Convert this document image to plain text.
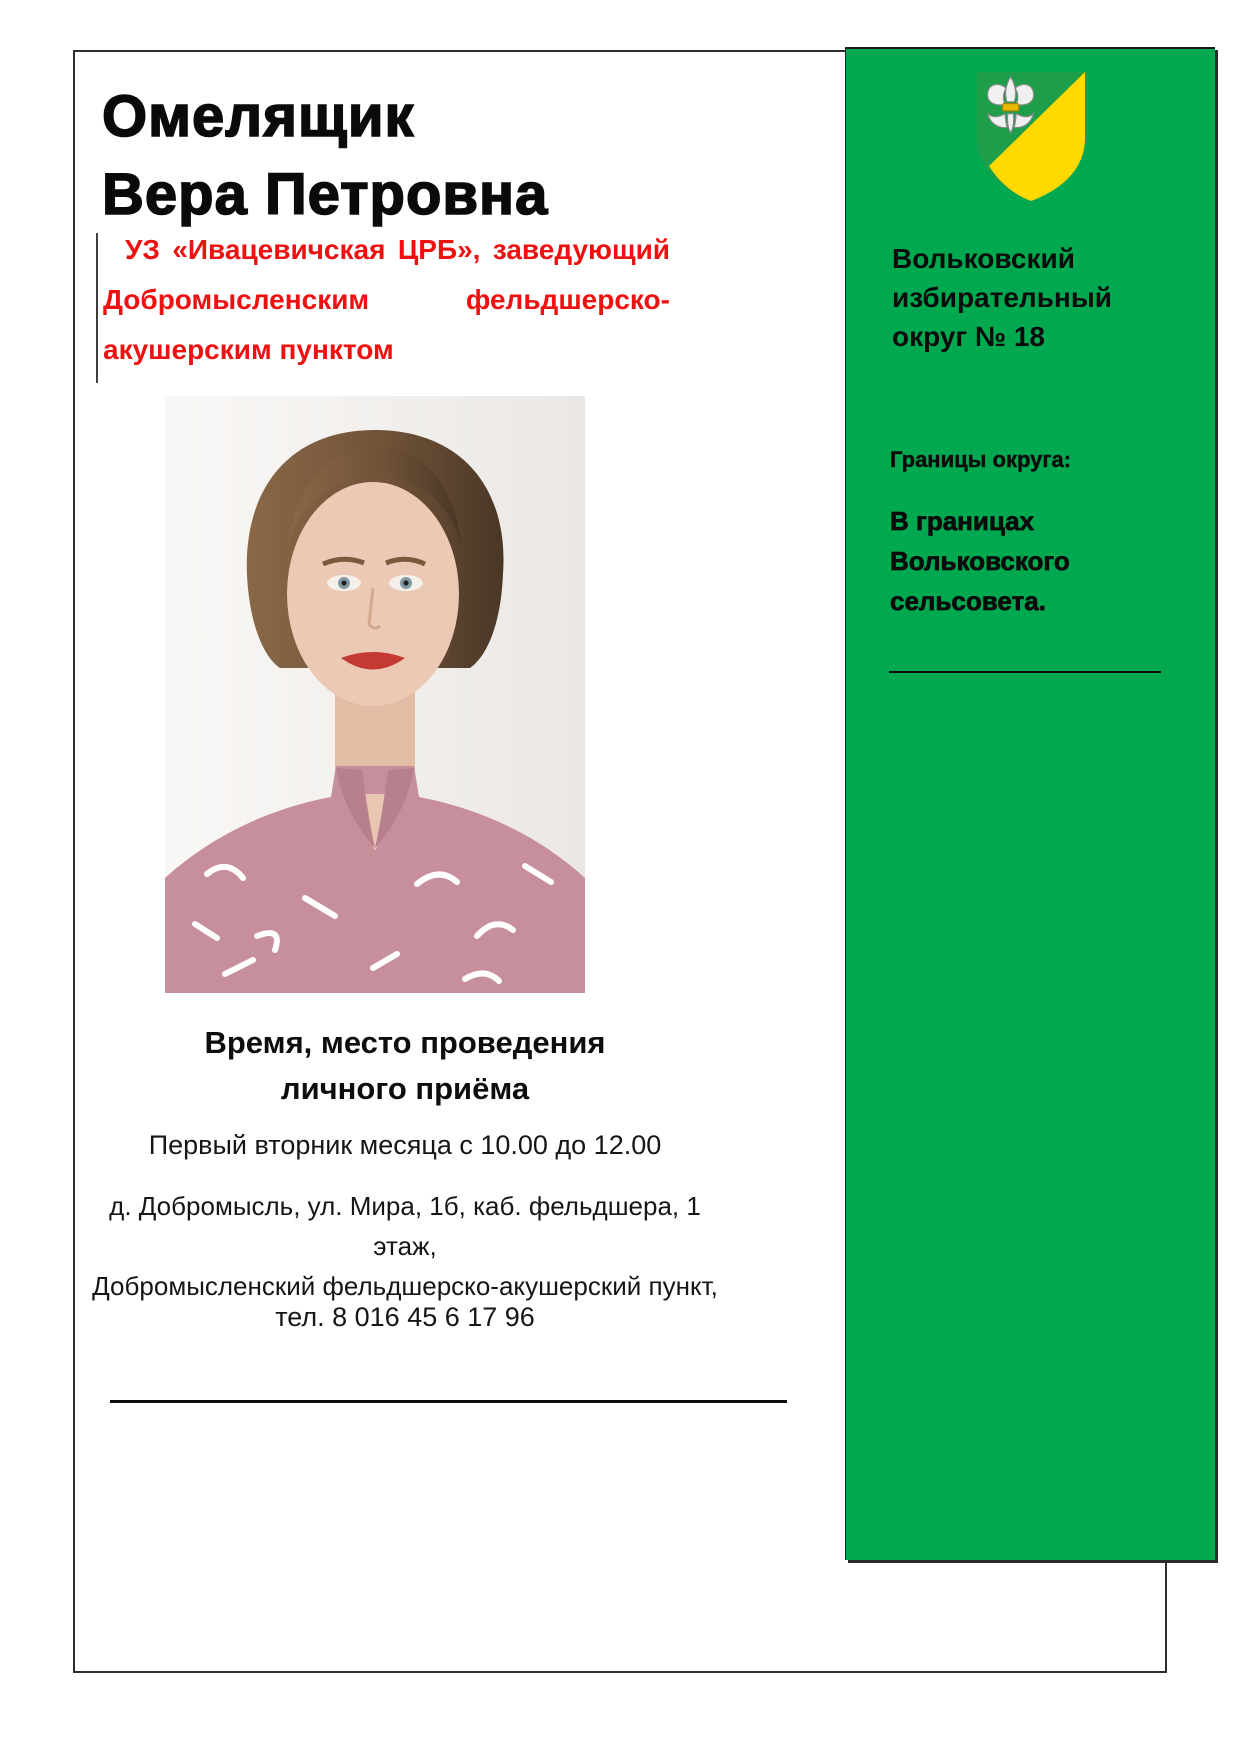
Омелящик
Вера Петровна
УЗ «Ивацевичская ЦРБ», заведующий
Добромысленским фельдшерско-
акушерским пунктом
Время, место проведения
личного приёма
Первый вторник месяца с 10.00 до 12.00
д. Добромысль, ул. Мира, 1б, каб. фельдшера, 1 этаж,
Добромысленский фельдшерско-акушерский пункт,
тел. 8 016 45 6 17 96
Вольковский
избирательный
округ № 18
Границы округа:
В границах
Вольковского
сельсовета.
